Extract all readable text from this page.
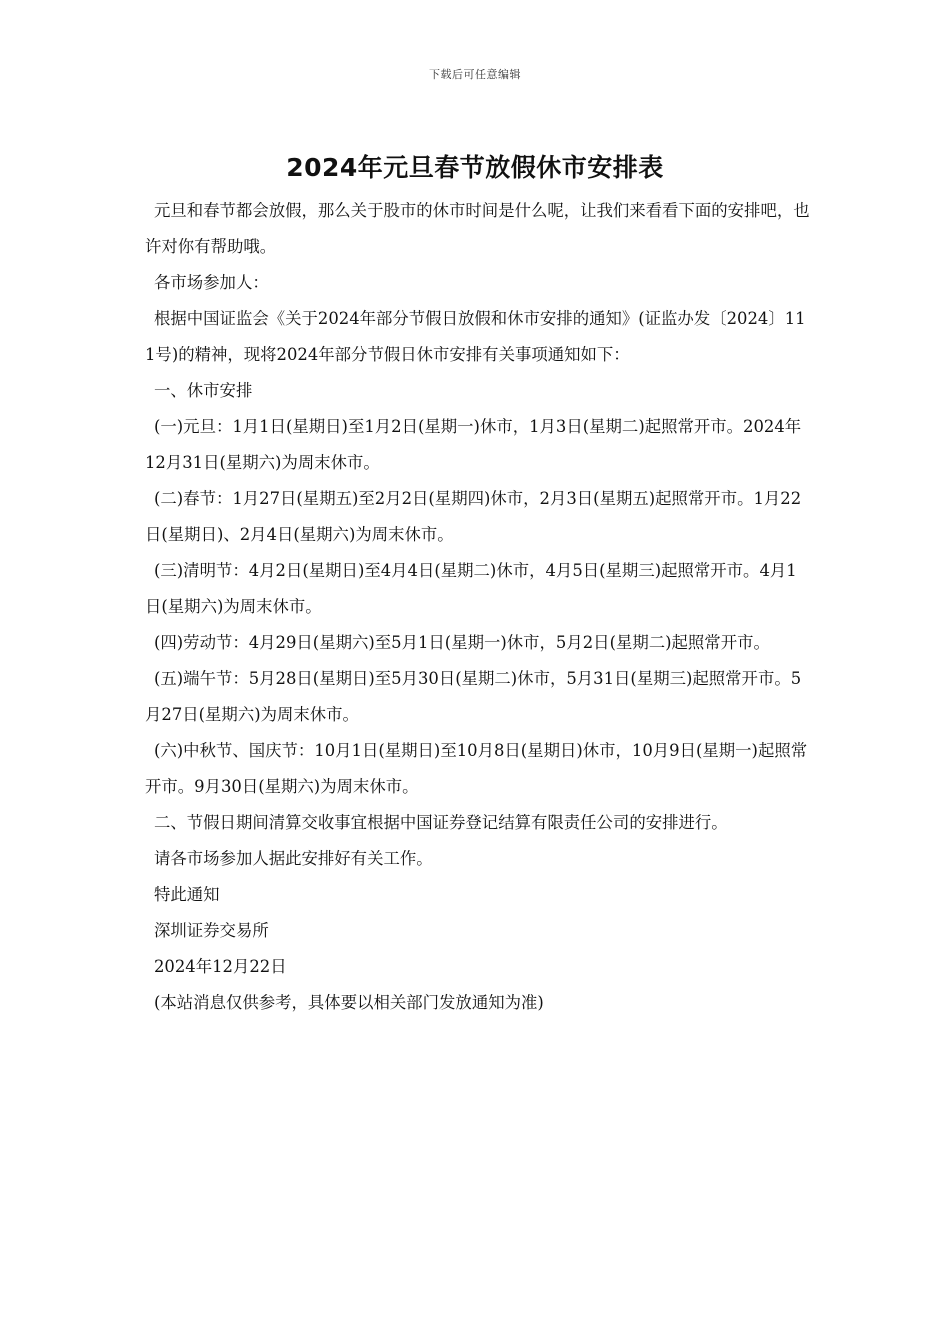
下载后可任意编辑
2024年元旦春节放假休市安排表

元旦和春节都会放假，那么关于股市的休市时间是什么呢，让我们来看看下面的安排吧，也许对你有帮助哦。

各市场参加人：

根据中国证监会《关于2024年部分节假日放假和休市安排的通知》(证监办发〔2024〕111号)的精神，现将2024年部分节假日休市安排有关事项通知如下：

一、休市安排

(一)元旦：1月1日(星期日)至1月2日(星期一)休市，1月3日(星期二)起照常开市。2024年12月31日(星期六)为周末休市。

(二)春节：1月27日(星期五)至2月2日(星期四)休市，2月3日(星期五)起照常开市。1月22日(星期日)、2月4日(星期六)为周末休市。

(三)清明节：4月2日(星期日)至4月4日(星期二)休市，4月5日(星期三)起照常开市。4月1日(星期六)为周末休市。

(四)劳动节：4月29日(星期六)至5月1日(星期一)休市，5月2日(星期二)起照常开市。

(五)端午节：5月28日(星期日)至5月30日(星期二)休市，5月31日(星期三)起照常开市。5月27日(星期六)为周末休市。

(六)中秋节、国庆节：10月1日(星期日)至10月8日(星期日)休市，10月9日(星期一)起照常开市。9月30日(星期六)为周末休市。

二、节假日期间清算交收事宜根据中国证券登记结算有限责任公司的安排进行。

请各市场参加人据此安排好有关工作。

特此通知

深圳证券交易所

2024年12月22日

(本站消息仅供参考，具体要以相关部门发放通知为准)
